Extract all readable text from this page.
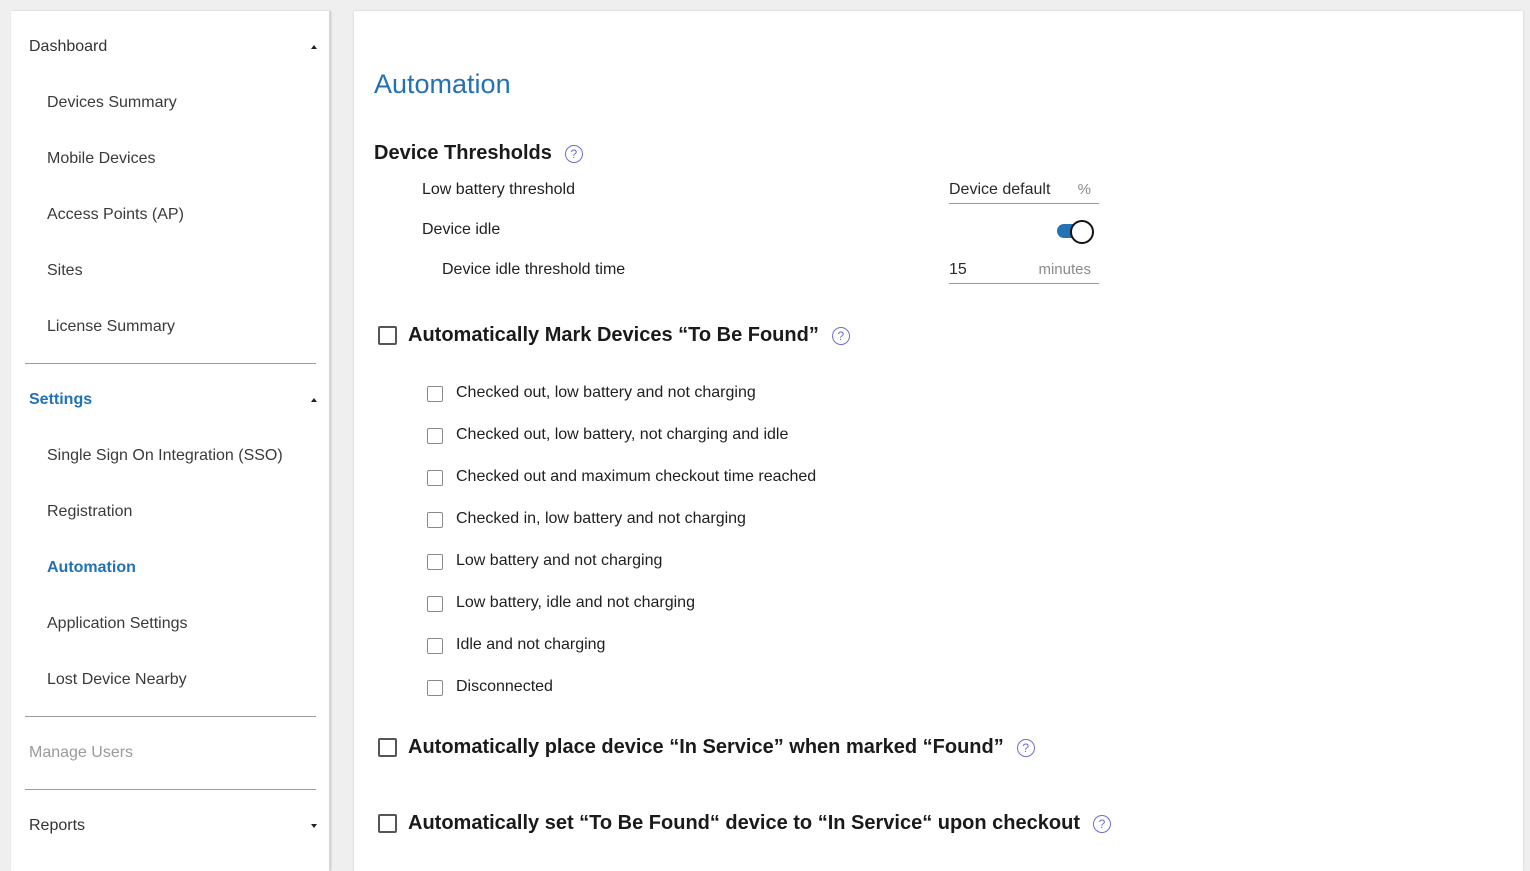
Dashboard
Devices Summary
Mobile Devices
Access Points (AP)
Sites
License Summary
Settings
Single Sign On Integration (SSO)
Registration
Automation
Application Settings
Lost Device Nearby
Manage Users
Reports
Automation
Device Thresholds	?
Low battery threshold	Device default %
Device idle
Device idle threshold time	15	minutes
Automatically Mark Devices “To Be Found”	?
Checked out, low battery and not charging
Checked out, low battery, not charging and idle
Checked out and maximum checkout time reached
Checked in, low battery and not charging
Low battery and not charging
Low battery, idle and not charging
Idle and not charging
Disconnected
Automatically place device “In Service” when marked “Found”	?
Automatically set “To Be Found“ device to “In Service“ upon checkout	?
